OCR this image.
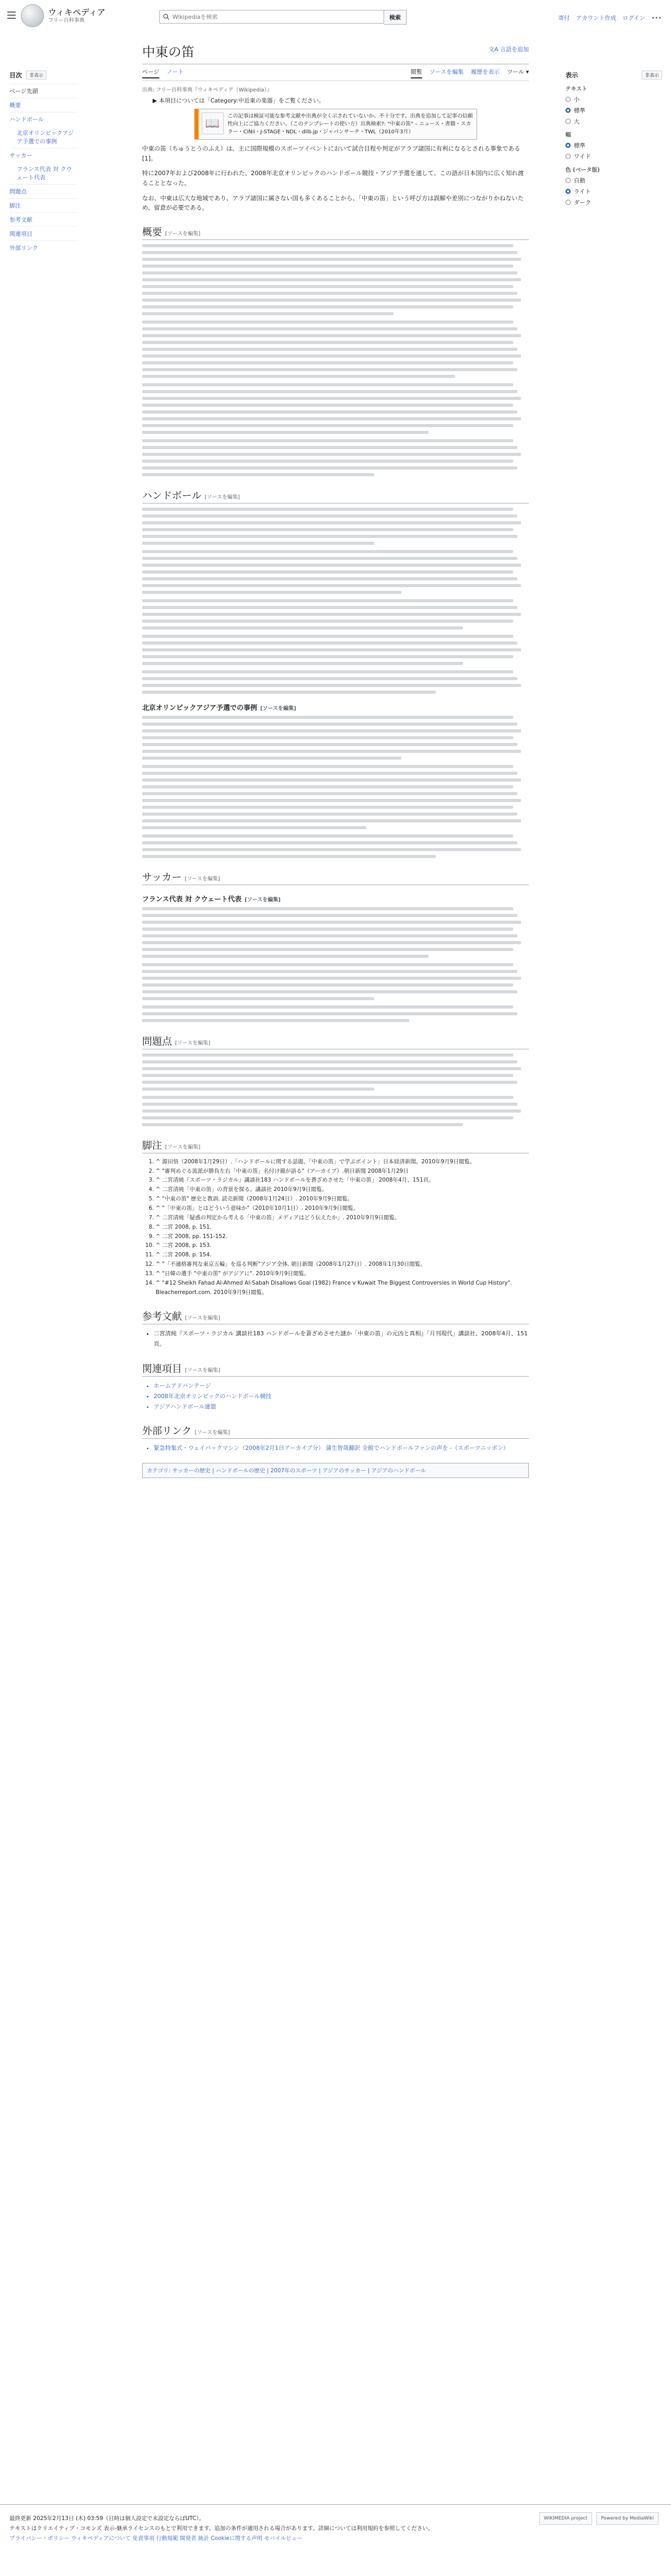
ウィキペディア
フリー百科事典
Wikipediaを検索	検索	寄付 アカウント作成 ログイン •••
目次	非表示
ページ先頭
概要
ハンドボール
北京オリンピックアジア予選での事例
サッカー
フランス代表 対 クウェート代表
問題点
脚注
参考文献
関連項目
外部リンク
中東の笛	文A 言語を追加
ページ ノート	閲覧 ソースを編集 履歴を表示 ツール ▾
出典: フリー百科事典『ウィキペディア（Wikipedia）』
▶ 本項目については「Category:中近東の楽器」をご覧ください。
📖
この記事は検証可能な参考文献や出典が全く示されていないか、不十分です。出典を追加して記事の信頼性向上にご協力ください。（このテンプレートの使い方）出典検索?: "中東の笛" – ニュース・書籍・スカラー・CiNii・J-STAGE・NDL・dlib.jp・ジャパンサーチ・TWL（2010年3月）

中東の笛（ちゅうとうのふえ）は、主に国際規模のスポーツイベントにおいて試合目程や判定がアラブ諸国に有利になるとされる事象である[1]。

特に2007年および2008年に行われた、2008年北京オリンピックのハンドボール競技・アジア予選を通して、この語が日本国内に広く知れ渡ることとなった。

なお、中東は広大な地域であり、アラブ諸国に属さない国も多くあることから、「中東の笛」という呼び方は誤解や差別につながりかねないため、留意が必要である。

概要 [ソースを編集]
ハンドボール [ソースを編集]
北京オリンピックアジア予選での事例 [ソースを編集]
サッカー [ソースを編集]
フランス代表 対 クウェート代表 [ソースを編集]
問題点 [ソースを編集]
脚注 [ソースを編集]
1. ^ 源田悟（2008年1月29日）.「ハンドボールに関する話題、「中東の笛」で学ぶポイント」日本経済新聞。2010年9月9日閲覧。
2. ^ "審判めぐる流派が勝負左右「中東の笛」名付け親が語る"（アーカイブ）.朝日新聞 2008年1月29日
3. ^ 二宮清純『スポーツ・ラジカル』講談社183 ハンドボールを蒼ざめさせた「中東の笛」 2008年4月、151頁。
4. ^ 二宮清純「中東の笛」の背景を探る。講談社 2010年9月9日閲覧。
5. ^ "中東の笛" 歴史と教訓. 読売新聞（2008年1月24日）. 2010年9月9日閲覧。
6. ^ "「中東の笛」とはどういう意味か"（2010年10月1日）. 2010年9月9日閲覧。
7. ^ 二宮清純「疑惑の判定から考える「中東の笛」メディアはどう伝えたか」. 2010年9月9日閲覧。
8. ^ 二宮 2008, p. 151.
9. ^ 二宮 2008, pp. 151-152.
10. ^ 二宮 2008, p. 153.
11. ^ 二宮 2008, p. 154.
12. ^ "「不適格審判な東京五輪」を巡る判断"アジア全体. 朝日新聞（2008年1月27日）. 2008年1月30日閲覧。
13. ^ "日韓の選手 "中東の笛" がアジアに". 2010年9月9日閲覧。
14. ^ "#12 Sheikh Fahad Al-Ahmed Al-Sabah Disallows Goal (1982) France v Kuwait The Biggest Controversies in World Cup History". Bleacherreport.com. 2010年9月9日閲覧。
参考文献 [ソースを編集]
• 二宮清純『スポーツ・ラジカル 講談社183 ハンドボールを蒼ざめさせた謎か「中東の笛」の元凶と真相』「月刊現代」講談社、2008年4月、151頁。
関連項目 [ソースを編集]
• ホームアドバンテージ
• 2008年北京オリンピックのハンドボール競技
• アジアハンドボール連盟
外部リンク [ソースを編集]
• 緊急特集式・ウェイバックマシン（2008年2月1日アーカイブ分） 蒲生智哉翻訳 全館でハンドボールファンの声を -（スポーツニッポン）
カテゴリ: サッカーの歴史 | ハンドボールの歴史 | 2007年のスポーツ | アジアのサッカー | アジアのハンドボール
表示	非表示
テキスト
小
標準
大
幅
標準
ワイド
色 (ベータ版)
自動
ライト
ダーク
最終更新 2025年2月13日 (木) 03:59（日時は個人設定で未設定ならばUTC）。
テキストはクリエイティブ・コモンズ 表示-継承ライセンスのもとで利用できます。追加の条件が適用される場合があります。詳細については利用規約を参照してください。
プライバシー・ポリシー ウィキペディアについて 免責事項 行動規範 開発者 統計 Cookieに関する声明 モバイルビュー
WIKIMEDIA project	Powered by MediaWiki
